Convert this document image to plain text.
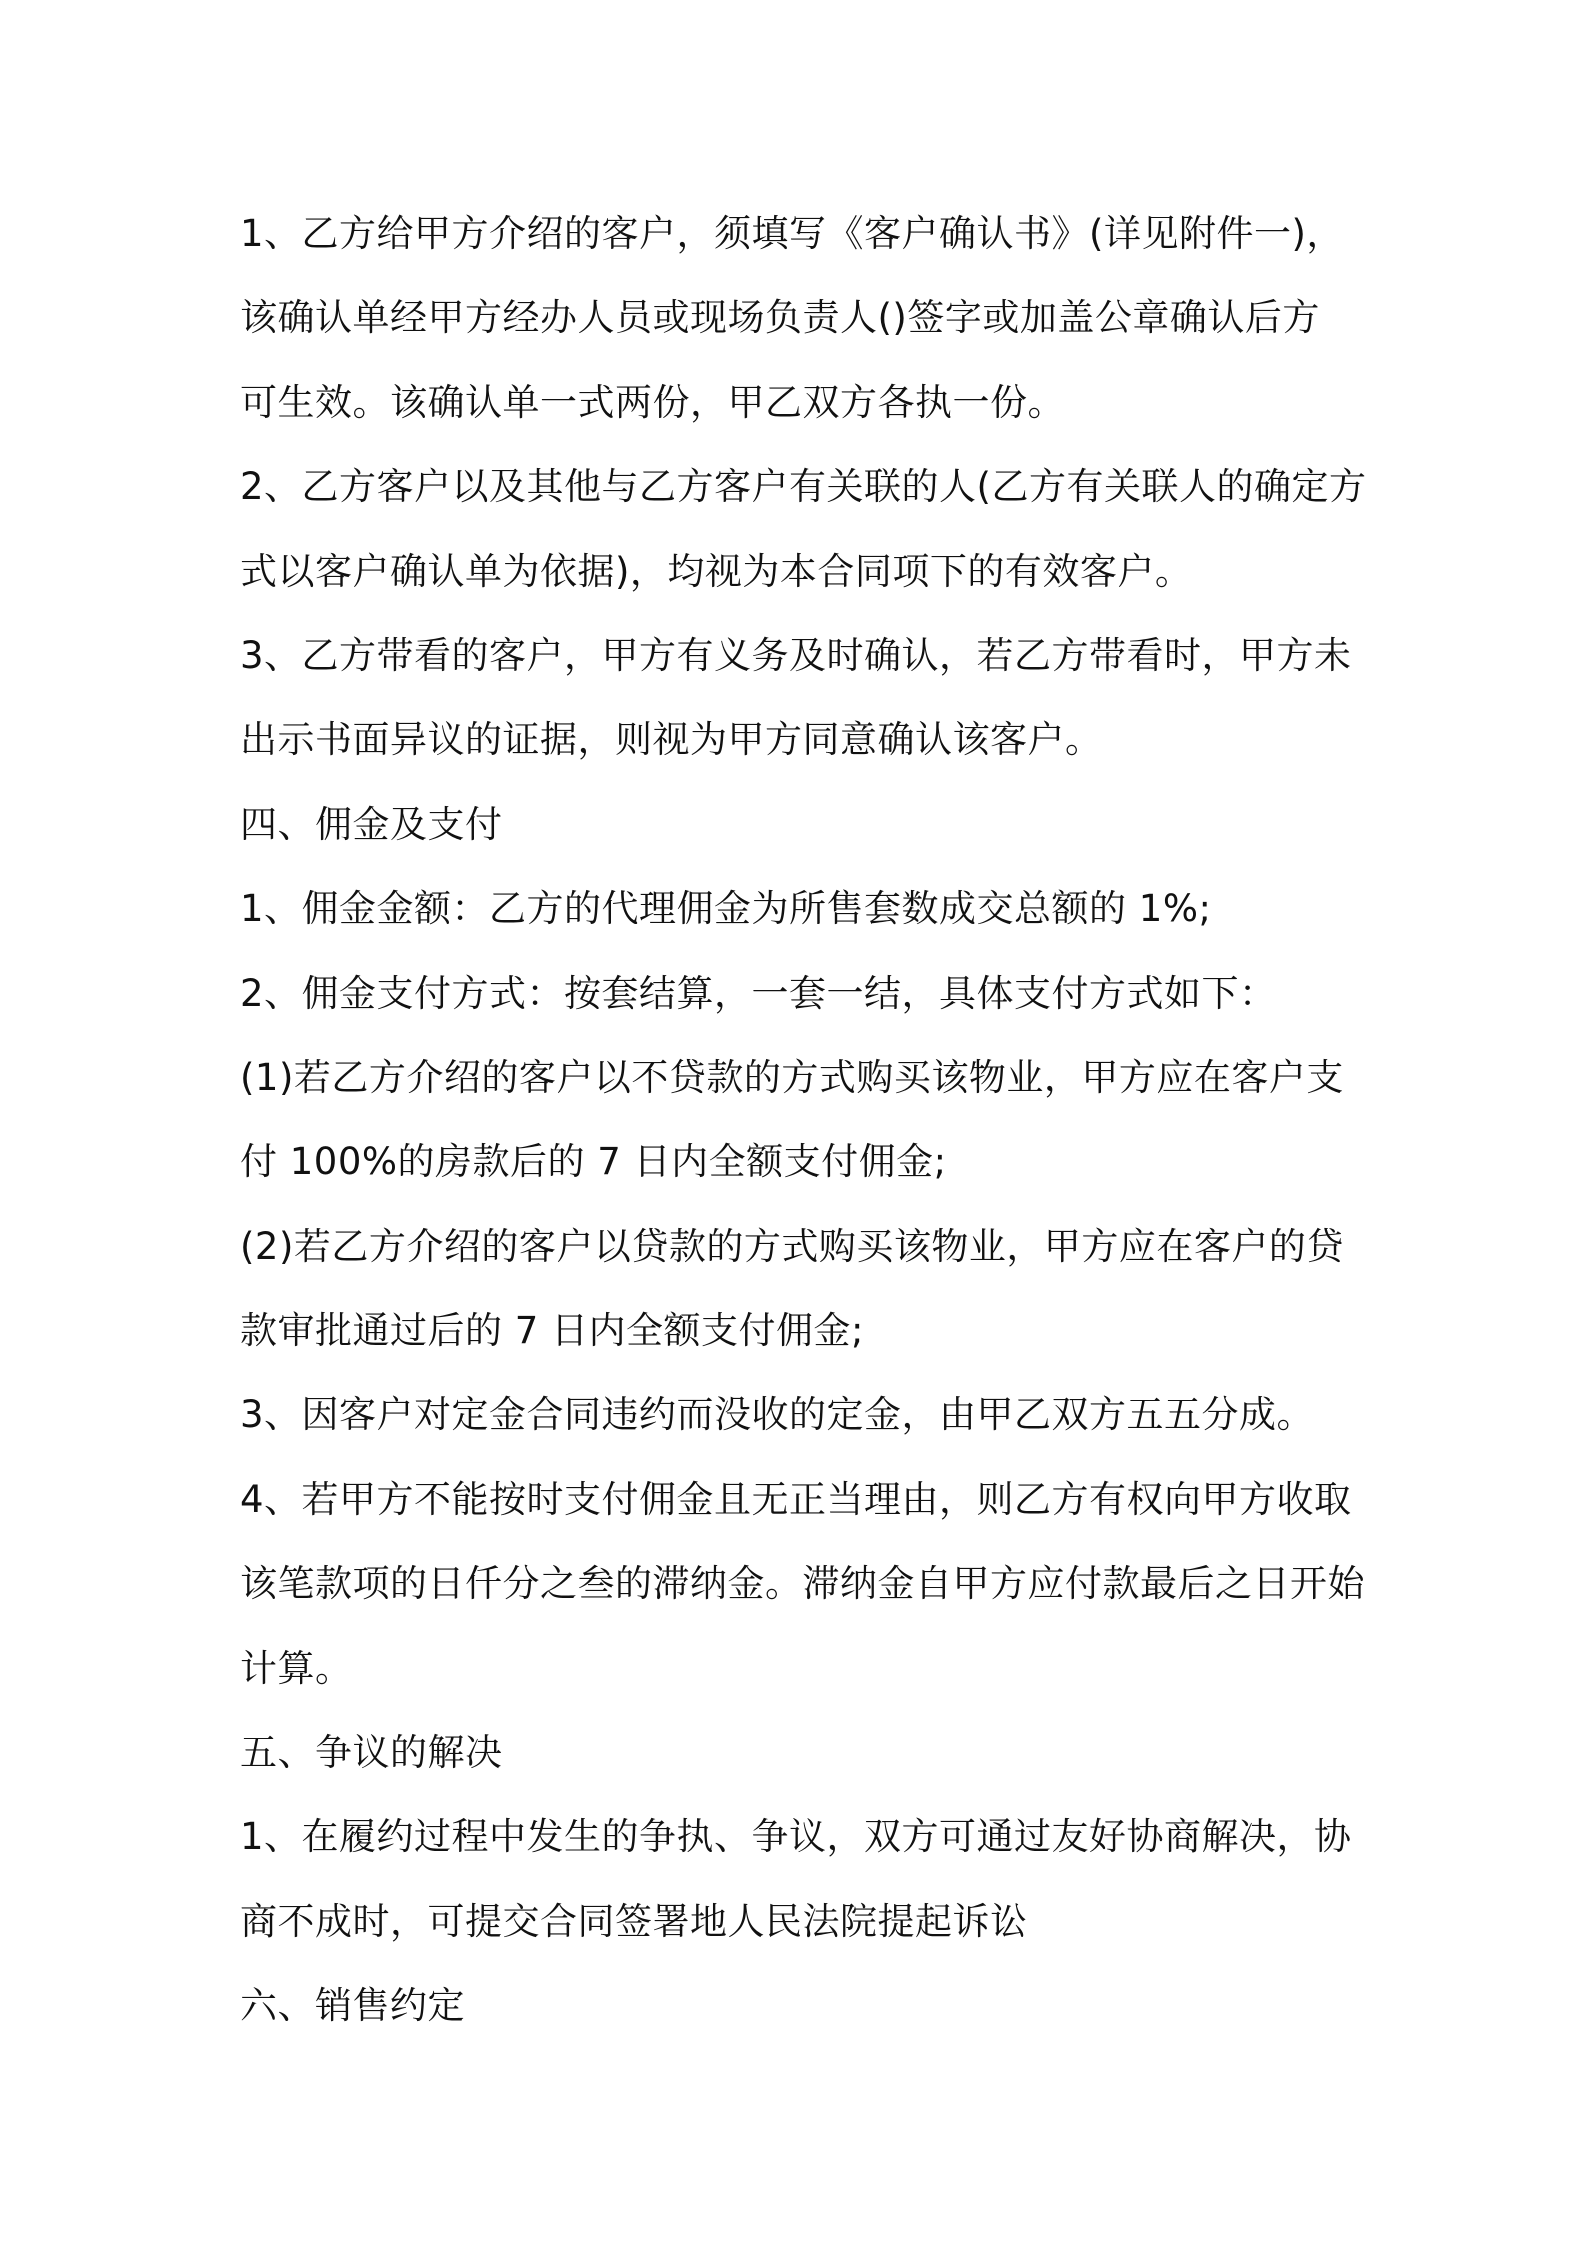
1、乙方给甲方介绍的客户，须填写《客户确认书》(详见附件一)，
该确认单经甲方经办人员或现场负责人()签字或加盖公章确认后方
可生效。该确认单一式两份，甲乙双方各执一份。
2、乙方客户以及其他与乙方客户有关联的人(乙方有关联人的确定方
式以客户确认单为依据)，均视为本合同项下的有效客户。
3、乙方带看的客户，甲方有义务及时确认，若乙方带看时，甲方未
出示书面异议的证据，则视为甲方同意确认该客户。
四、佣金及支付
1、佣金金额：乙方的代理佣金为所售套数成交总额的 1%;
2、佣金支付方式：按套结算，一套一结，具体支付方式如下：
(1)若乙方介绍的客户以不贷款的方式购买该物业，甲方应在客户支
付 100%的房款后的 7 日内全额支付佣金;
(2)若乙方介绍的客户以贷款的方式购买该物业，甲方应在客户的贷
款审批通过后的 7 日内全额支付佣金;
3、因客户对定金合同违约而没收的定金，由甲乙双方五五分成。
4、若甲方不能按时支付佣金且无正当理由，则乙方有权向甲方收取
该笔款项的日仟分之叁的滞纳金。滞纳金自甲方应付款最后之日开始
计算。
五、争议的解决
1、在履约过程中发生的争执、争议，双方可通过友好协商解决，协
商不成时，可提交合同签署地人民法院提起诉讼
六、销售约定
